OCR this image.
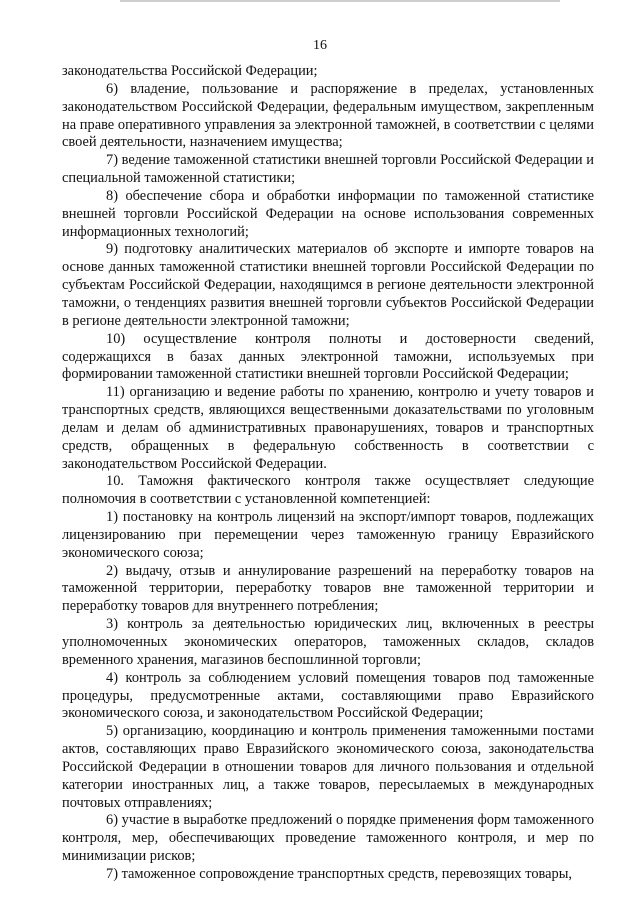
16

законодательства Российской Федерации;

6) владение, пользование и распоряжение в пределах, установленных законодательством Российской Федерации, федеральным имуществом, закрепленным на праве оперативного управления за электронной таможней, в соответствии с целями своей деятельности, назначением имущества;

7) ведение таможенной статистики внешней торговли Российской Федерации и специальной таможенной статистики;

8) обеспечение сбора и обработки информации по таможенной статистике внешней торговли Российской Федерации на основе использования современных информационных технологий;

9) подготовку аналитических материалов об экспорте и импорте товаров на основе данных таможенной статистики внешней торговли Российской Федерации по субъектам Российской Федерации, находящимся в регионе деятельности электронной таможни, о тенденциях развития внешней торговли субъектов Российской Федерации в регионе деятельности электронной таможни;

10) осуществление контроля полноты и достоверности сведений, содержащихся в базах данных электронной таможни, используемых при формировании таможенной статистики внешней торговли Российской Федерации;

11) организацию и ведение работы по хранению, контролю и учету товаров и транспортных средств, являющихся вещественными доказательствами по уголовным делам и делам об административных правонарушениях, товаров и транспортных средств, обращенных в федеральную собственность в соответствии с законодательством Российской Федерации.

10. Таможня фактического контроля также осуществляет следующие полномочия в соответствии с установленной компетенцией:

1) постановку на контроль лицензий на экспорт/импорт товаров, подлежащих лицензированию при перемещении через таможенную границу Евразийского экономического союза;

2) выдачу, отзыв и аннулирование разрешений на переработку товаров на таможенной территории, переработку товаров вне таможенной территории и переработку товаров для внутреннего потребления;

3) контроль за деятельностью юридических лиц, включенных в реестры уполномоченных экономических операторов, таможенных складов, складов временного хранения, магазинов беспошлинной торговли;

4) контроль за соблюдением условий помещения товаров под таможенные процедуры, предусмотренные актами, составляющими право Евразийского экономического союза, и законодательством Российской Федерации;

5) организацию, координацию и контроль применения таможенными постами актов, составляющих право Евразийского экономического союза, законодательства Российской Федерации в отношении товаров для личного пользования и отдельной категории иностранных лиц, а также товаров, пересылаемых в международных почтовых отправлениях;

6) участие в выработке предложений о порядке применения форм таможенного контроля, мер, обеспечивающих проведение таможенного контроля, и мер по минимизации рисков;

7) таможенное сопровождение транспортных средств, перевозящих товары,
